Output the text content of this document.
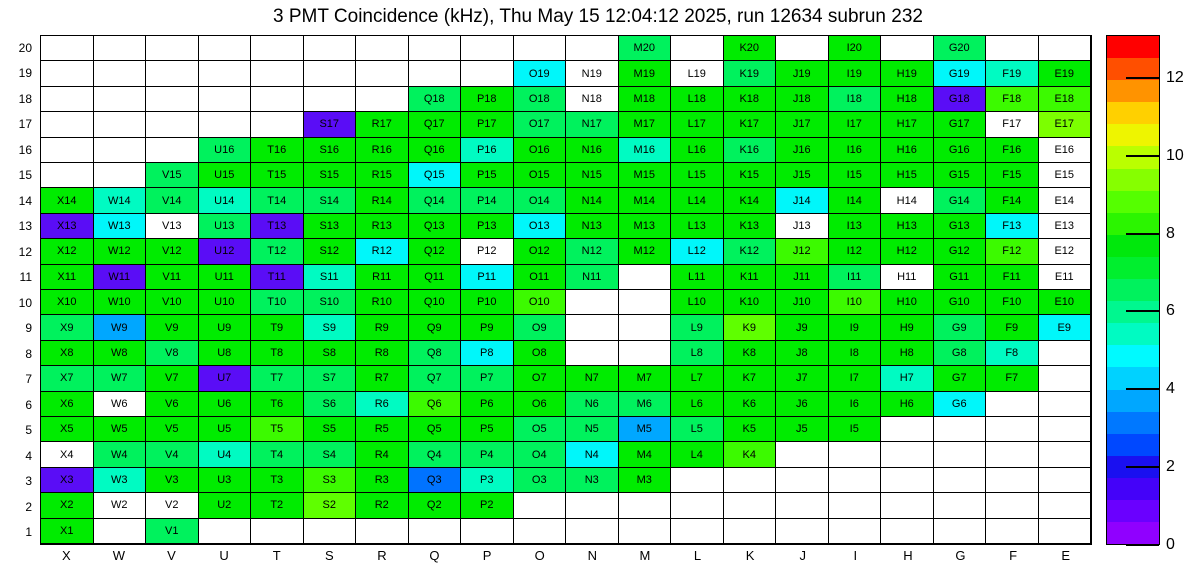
3 PMT Coincidence (kHz), Thu May 15 12:04:12 2025, run 12634 subrun 232
M20	K20	I20	G20
O19	N19	M19	L19	K19	J19	I19	H19	G19	F19	E19
Q18	P18	O18	N18	M18	L18	K18	J18	I18	H18	G18	F18	E18
S17	R17	Q17	P17	O17	N17	M17	L17	K17	J17	I17	H17	G17	F17	E17
U16	T16	S16	R16	Q16	P16	O16	N16	M16	L16	K16	J16	I16	H16	G16	F16	E16
V15	U15	T15	S15	R15	Q15	P15	O15	N15	M15	L15	K15	J15	I15	H15	G15	F15	E15
X14	W14	V14	U14	T14	S14	R14	Q14	P14	O14	N14	M14	L14	K14	J14	I14	H14	G14	F14	E14
X13	W13	V13	U13	T13	S13	R13	Q13	P13	O13	N13	M13	L13	K13	J13	I13	H13	G13	F13	E13
X12	W12	V12	U12	T12	S12	R12	Q12	P12	O12	N12	M12	L12	K12	J12	I12	H12	G12	F12	E12
X11	W11	V11	U11	T11	S11	R11	Q11	P11	O11	N11	L11	K11	J11	I11	H11	G11	F11	E11
X10	W10	V10	U10	T10	S10	R10	Q10	P10	O10	L10	K10	J10	I10	H10	G10	F10	E10
X9	W9	V9	U9	T9	S9	R9	Q9	P9	O9	L9	K9	J9	I9	H9	G9	F9	E9
X8	W8	V8	U8	T8	S8	R8	Q8	P8	O8	L8	K8	J8	I8	H8	G8	F8
X7	W7	V7	U7	T7	S7	R7	Q7	P7	O7	N7	M7	L7	K7	J7	I7	H7	G7	F7
X6	W6	V6	U6	T6	S6	R6	Q6	P6	O6	N6	M6	L6	K6	J6	I6	H6	G6
X5	W5	V5	U5	T5	S5	R5	Q5	P5	O5	N5	M5	L5	K5	J5	I5
X4	W4	V4	U4	T4	S4	R4	Q4	P4	O4	N4	M4	L4	K4
X3	W3	V3	U3	T3	S3	R3	Q3	P3	O3	N3	M3
X2	W2	V2	U2	T2	S2	R2	Q2	P2
X1	V1
20
19
18
17
16
15
14
13
12
11
10
9
8
7
6
5
4
3
2
1
X	W	V	U	T	S	R	Q	P	O	N	M	L	K	J	I	H	G	F	E
0
2
4
6
8
10
12
